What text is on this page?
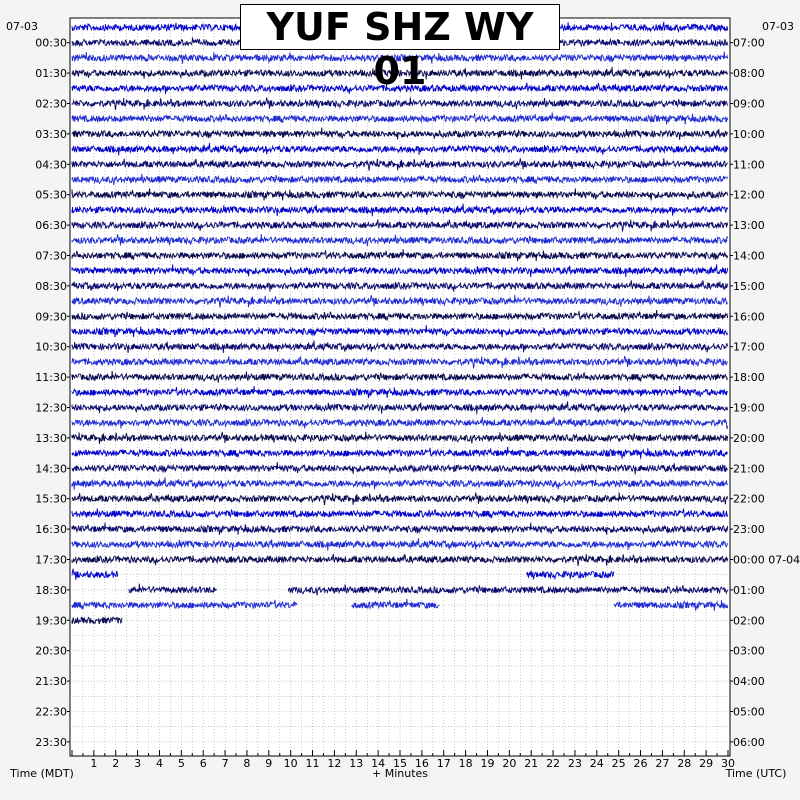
00:30
01:30
02:30
03:30
04:30
05:30
06:30
07:30
08:30
09:30
10:30
11:30
12:30
13:30
14:30
15:30
16:30
17:30
18:30
19:30
20:30
21:30
22:30
23:30
07:00
08:00
09:00
10:00
11:00
12:00
13:00
14:00
15:00
16:00
17:00
18:00
19:00
20:00
21:00
22:00
23:00
00:00 07-04
01:00
02:00
03:00
04:00
05:00
06:00
07-03	07-03
1 2 3 4 5 6 7 8 9 10 11 12 13 14 15 16 17 18 19 20 21 22 23 24 25 26 27 28 29 30
+ Minutes
Time (MDT)	Time (UTC)
YUF SHZ WY 01
